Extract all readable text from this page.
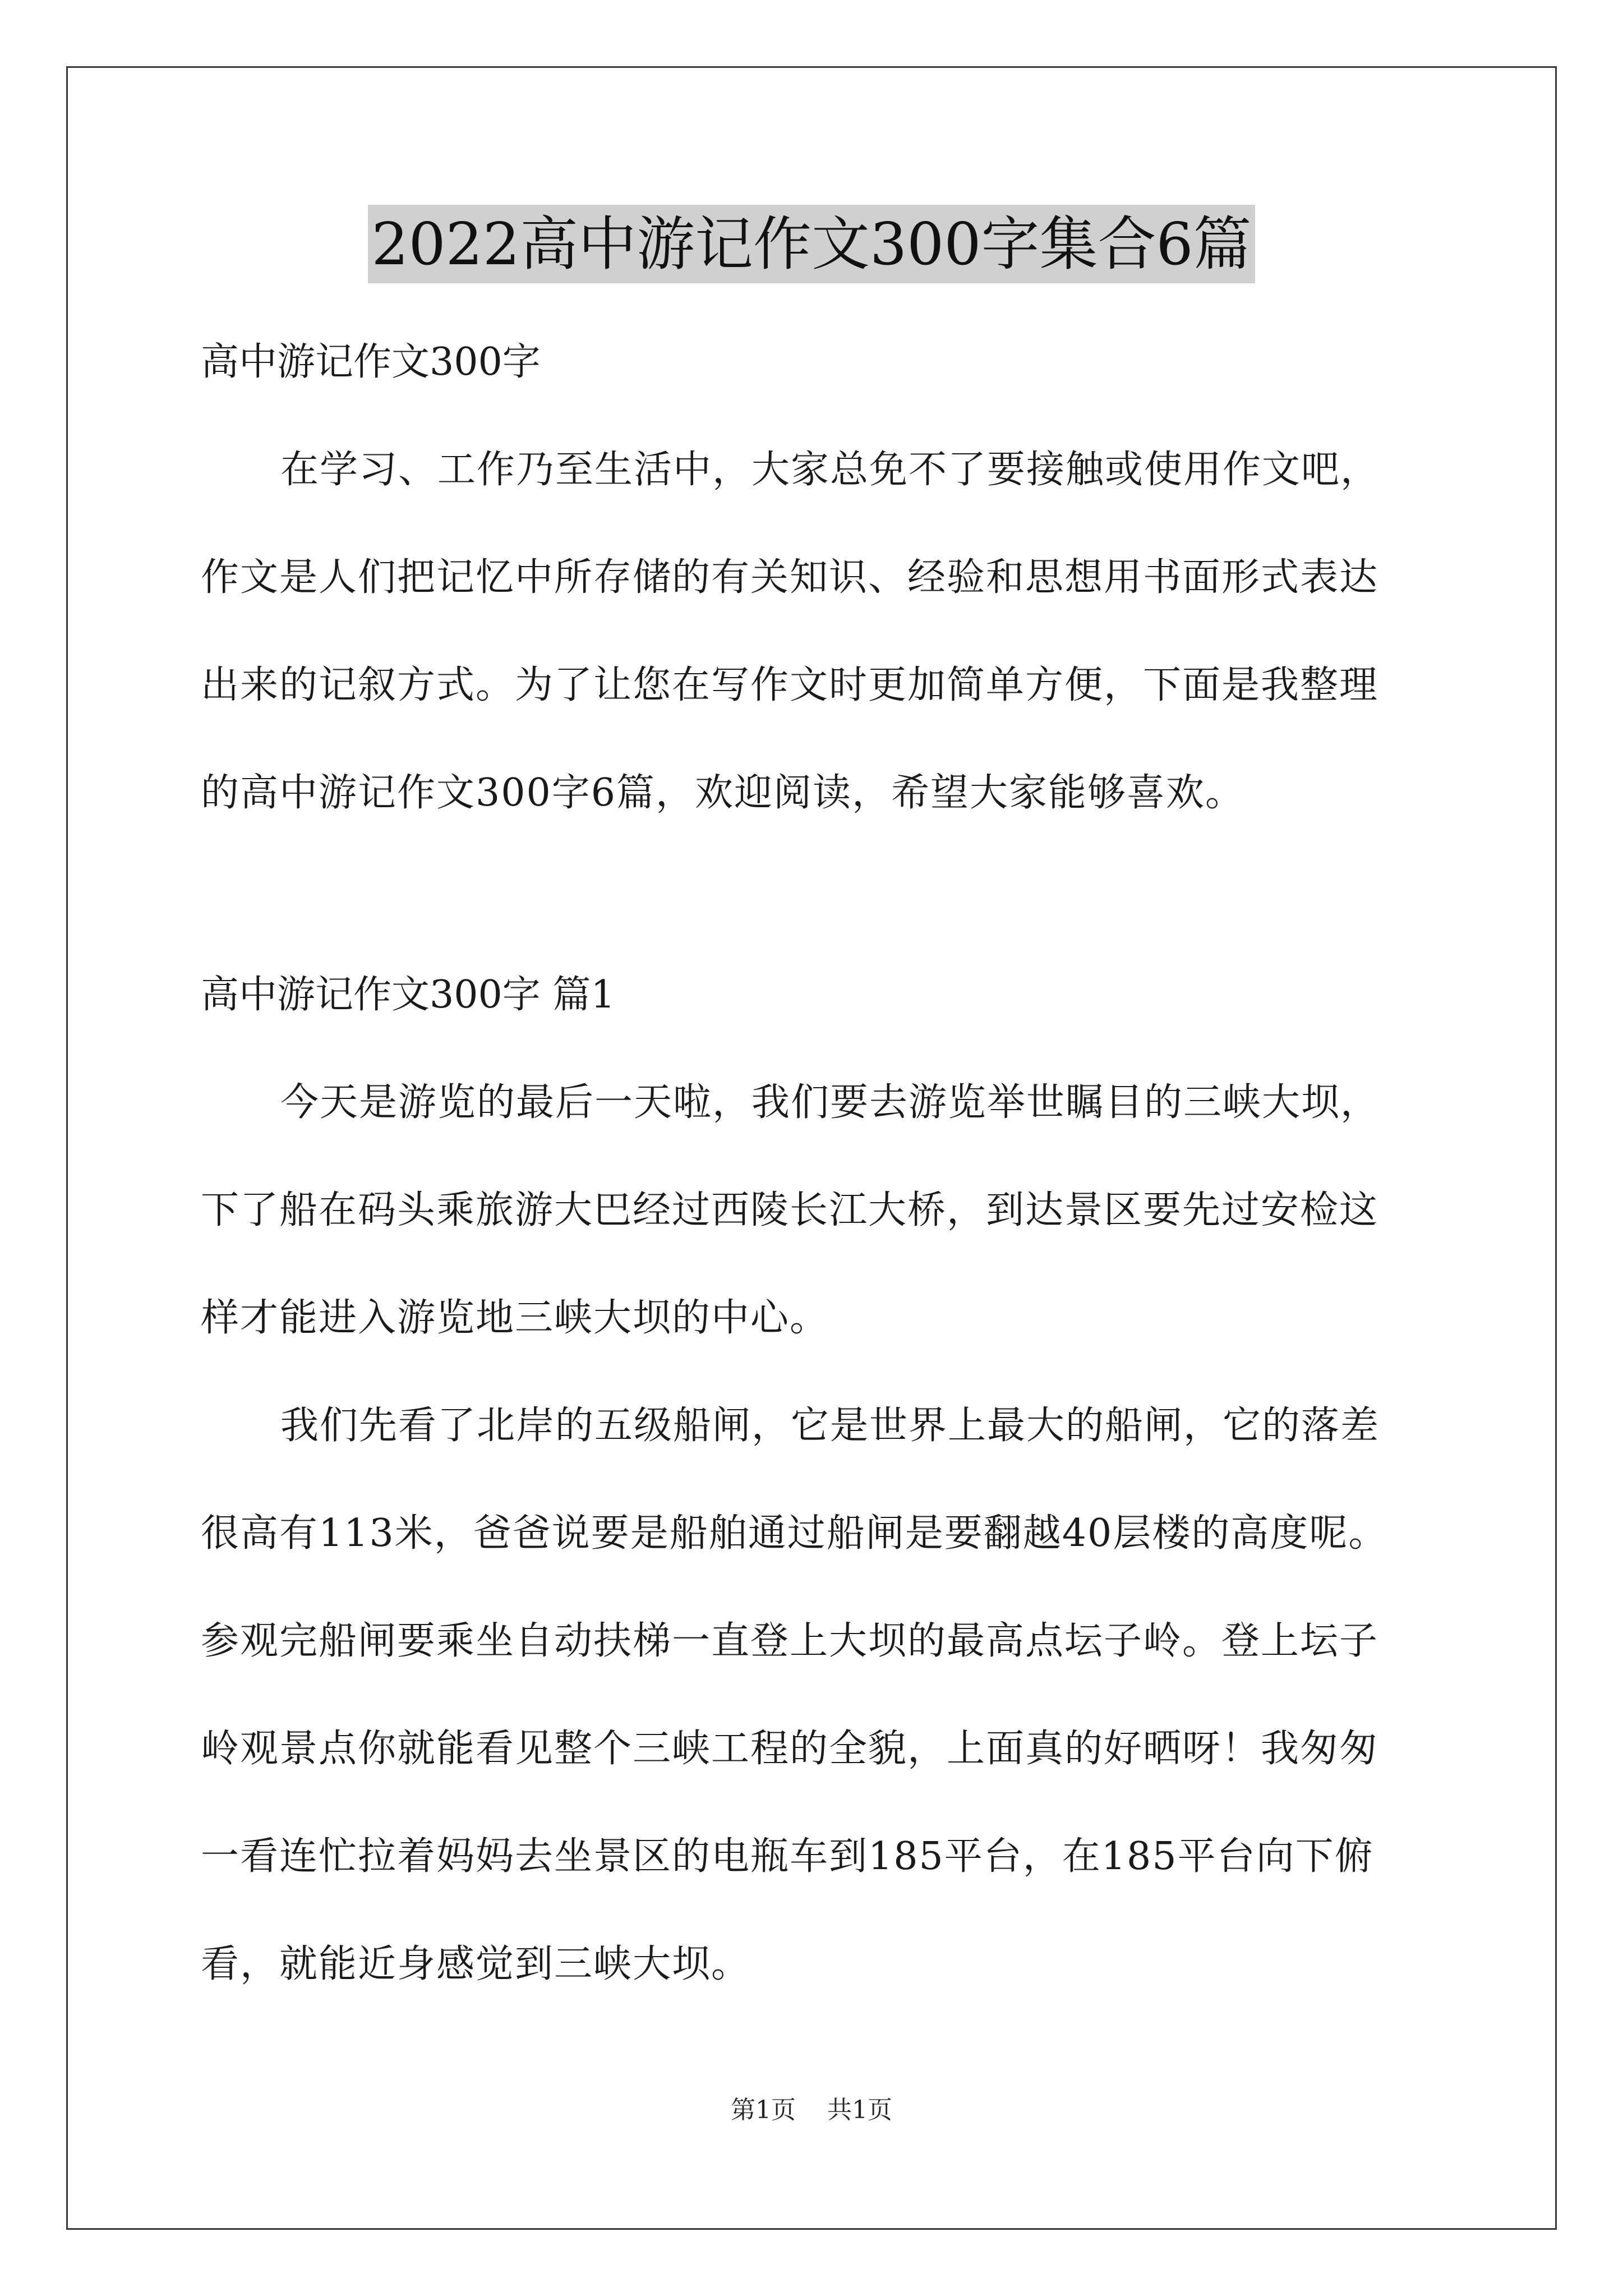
2022高中游记作文300字集合6篇
高中游记作文300字
在学习、工作乃至生活中，大家总免不了要接触或使用作文吧，
作文是人们把记忆中所存储的有关知识、经验和思想用书面形式表达
出来的记叙方式。为了让您在写作文时更加简单方便，下面是我整理
的高中游记作文300字6篇，欢迎阅读，希望大家能够喜欢。
高中游记作文300字 篇1
今天是游览的最后一天啦，我们要去游览举世瞩目的三峡大坝，
下了船在码头乘旅游大巴经过西陵长江大桥，到达景区要先过安检这
样才能进入游览地三峡大坝的中心。
我们先看了北岸的五级船闸，它是世界上最大的船闸，它的落差
很高有113米，爸爸说要是船舶通过船闸是要翻越40层楼的高度呢。
参观完船闸要乘坐自动扶梯一直登上大坝的最高点坛子岭。登上坛子
岭观景点你就能看见整个三峡工程的全貌，上面真的好晒呀！我匆匆
一看连忙拉着妈妈去坐景区的电瓶车到185平台，在185平台向下俯
看，就能近身感觉到三峡大坝。
第1页 共1页
